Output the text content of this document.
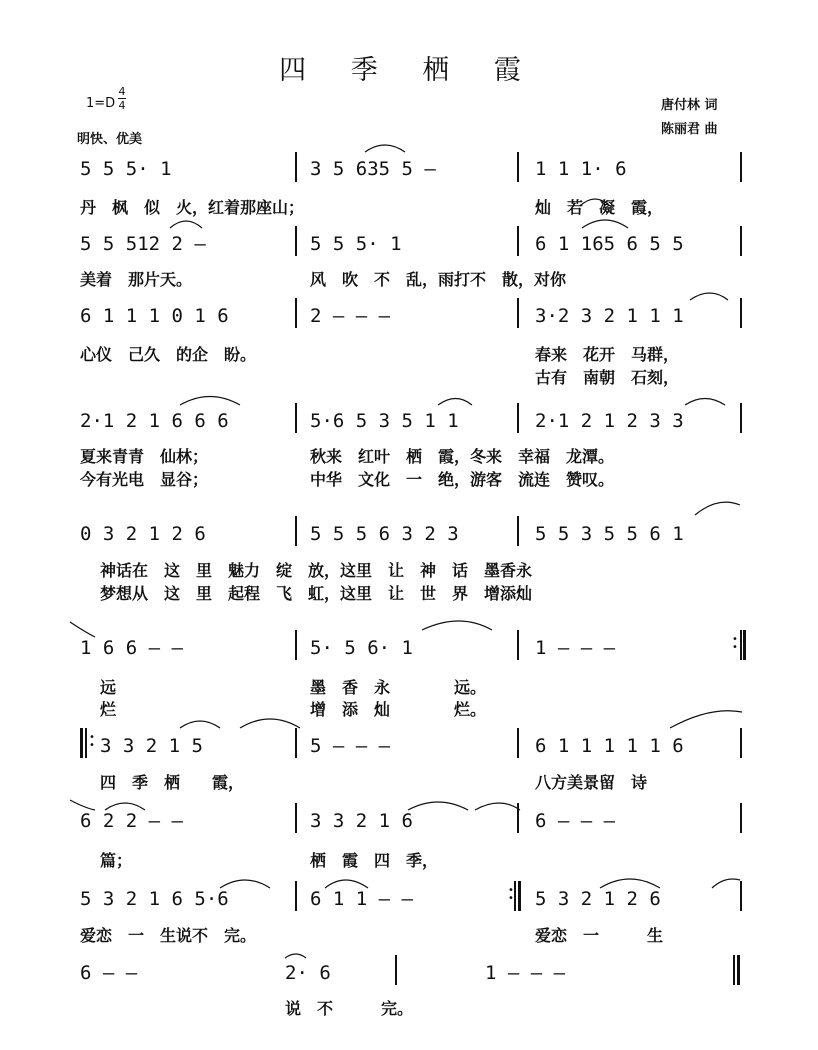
四 季 栖 霞
1=D
4
4
明快、优美
唐付林 词
陈丽君 曲
5 5 5· 1	3 5 635 5 –	1 1 1· 6
丹　枫　似　火，红着那座山；	灿　若　凝　霞，
5 5 512 2 –	5 5 5· 1	6 1 165 6 5 5
美着　那片天。	风　吹　不　乱，雨打不　散，对你
6 1 1 1 0 1 6	2 – – –	3·2 3 2 1 1 1
心仪　己久　的企　盼。	春来　花开　马群，
古有　南朝　石刻，
2·1 2 1 6 6 6	5·6 5 3 5 1 1	2·1 2 1 2 3 3
夏来青青　仙林；	秋来　红叶　栖　霞，冬来　幸福　龙潭。
今有光电　显谷；	中华　文化　一　绝，游客　流连　赞叹。
0 3 2 1 2 6	5 5 5 6 3 2 3	5 5 3 5 5 6 1
神话在　这　里　魅力　绽　放，这里　让　神　话　墨香永
梦想从　这　里　起程　飞　虹，这里　让　世　界　增添灿
1 6 6 – –	5· 5 6· 1	1 – – –
远	墨　香　永　　　　远。
烂	增　添　灿　　　　烂。
3 3 2 1 5	5 – – –	6 1 1 1 1 1 6
四　季　栖　　霞，	八方美景留　诗
6 2 2 – –	3 3 2 1 6	6 – – –
篇；	栖　霞　四　季，
5 3 2 1 6 5·6	6 1 1 – –	5 3 2 1 2 6
爱恋　一　生说不　完。	爱恋　一　　　生
6 – –	2· 6	1 – – –
说　不　　　完。
•
•
•
•
•
•
